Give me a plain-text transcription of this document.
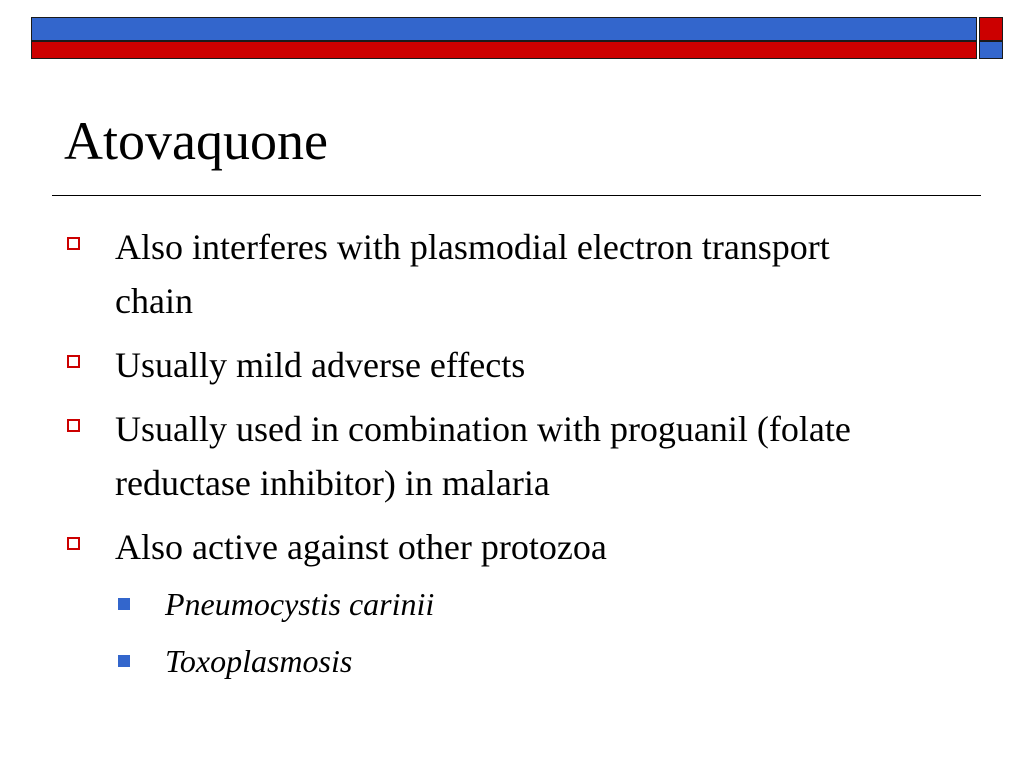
Atovaquone
Also interferes with plasmodial electron transport chain
Usually mild adverse effects
Usually used in combination with proguanil (folate reductase inhibitor) in malaria
Also active against other protozoa
Pneumocystis carinii
Toxoplasmosis
